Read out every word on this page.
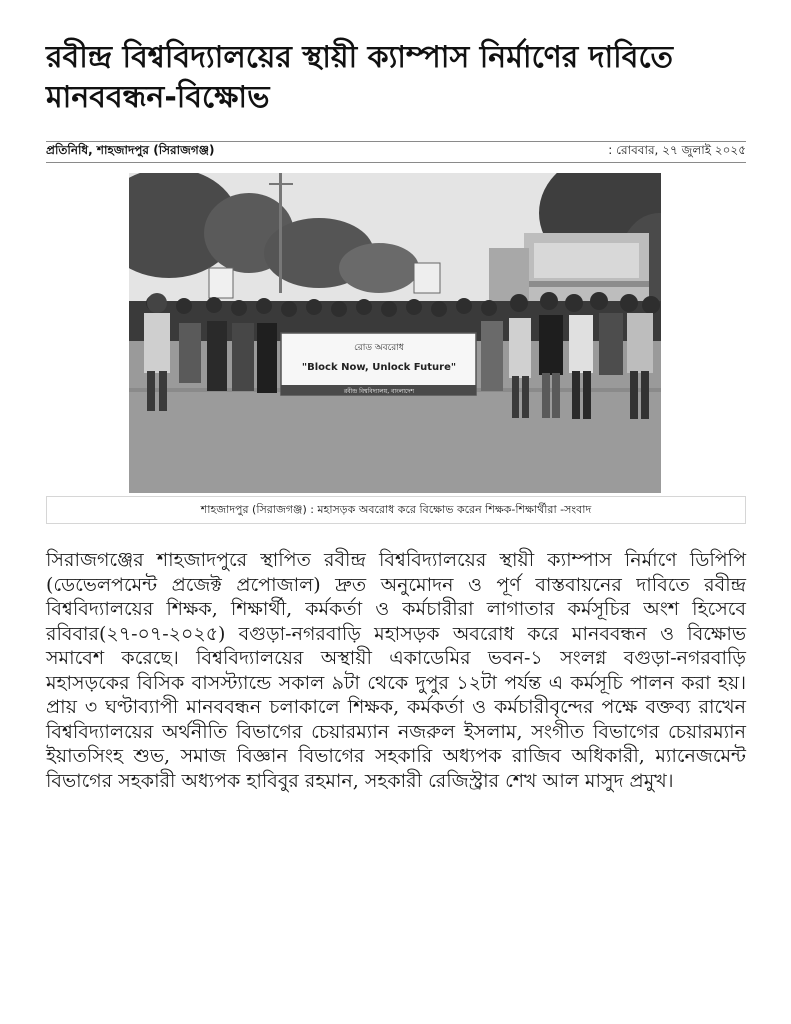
রবীন্দ্র বিশ্ববিদ্যালয়ের স্থায়ী ক্যাম্পাস নির্মাণের দাবিতে মানববন্ধন-বিক্ষোভ
প্রতিনিধি, শাহজাদপুর (সিরাজগঞ্জ)	: রোববার, ২৭ জুলাই ২০২৫
রোড অবরোধ
"Block Now, Unlock Future"
রবীন্দ্র বিশ্ববিদ্যালয়, বাংলাদেশ
শাহজাদপুর (সিরাজগঞ্জ) : মহাসড়ক অবরোধ করে বিক্ষোভ করেন শিক্ষক-শিক্ষার্থীরা -সংবাদ

সিরাজগঞ্জের শাহজাদপুরে স্থাপিত রবীন্দ্র বিশ্ববিদ্যালয়ের স্থায়ী ক্যাম্পাস নির্মাণে ডিপিপি (ডেভেলপমেন্ট প্রজেক্ট প্রপোজাল) দ্রুত অনুমোদন ও পূর্ণ বাস্তবায়নের দাবিতে রবীন্দ্র বিশ্ববিদ্যালয়ের শিক্ষক, শিক্ষার্থী, কর্মকর্তা ও কর্মচারীরা লাগাতার কর্মসূচির অংশ হিসেবে রবিবার(২৭-০৭-২০২৫) বগুড়া-নগরবাড়ি মহাসড়ক অবরোধ করে মানববন্ধন ও বিক্ষোভ সমাবেশ করেছে। বিশ্ববিদ্যালয়ের অস্থায়ী একাডেমির ভবন-১ সংলগ্ন বগুড়া-নগরবাড়ি মহাসড়কের বিসিক বাসস্ট্যান্ডে সকাল ৯টা থেকে দুপুর ১২টা পর্যন্ত এ কর্মসূচি পালন করা হয়। প্রায় ৩ ঘণ্টাব্যাপী মানববন্ধন চলাকালে শিক্ষক, কর্মকর্তা ও কর্মচারীবৃন্দের পক্ষে বক্তব্য রাখেন বিশ্ববিদ্যালয়ের অর্থনীতি বিভাগের চেয়ারম্যান নজরুল ইসলাম, সংগীত বিভাগের চেয়ারম্যান ইয়াতসিংহ শুভ, সমাজ বিজ্ঞান বিভাগের সহকারি অধ্যপক রাজিব অধিকারী, ম্যানেজমেন্ট বিভাগের সহকারী অধ্যপক হাবিবুর রহমান, সহকারী রেজিস্ট্রার শেখ আল মাসুদ প্রমুখ।
